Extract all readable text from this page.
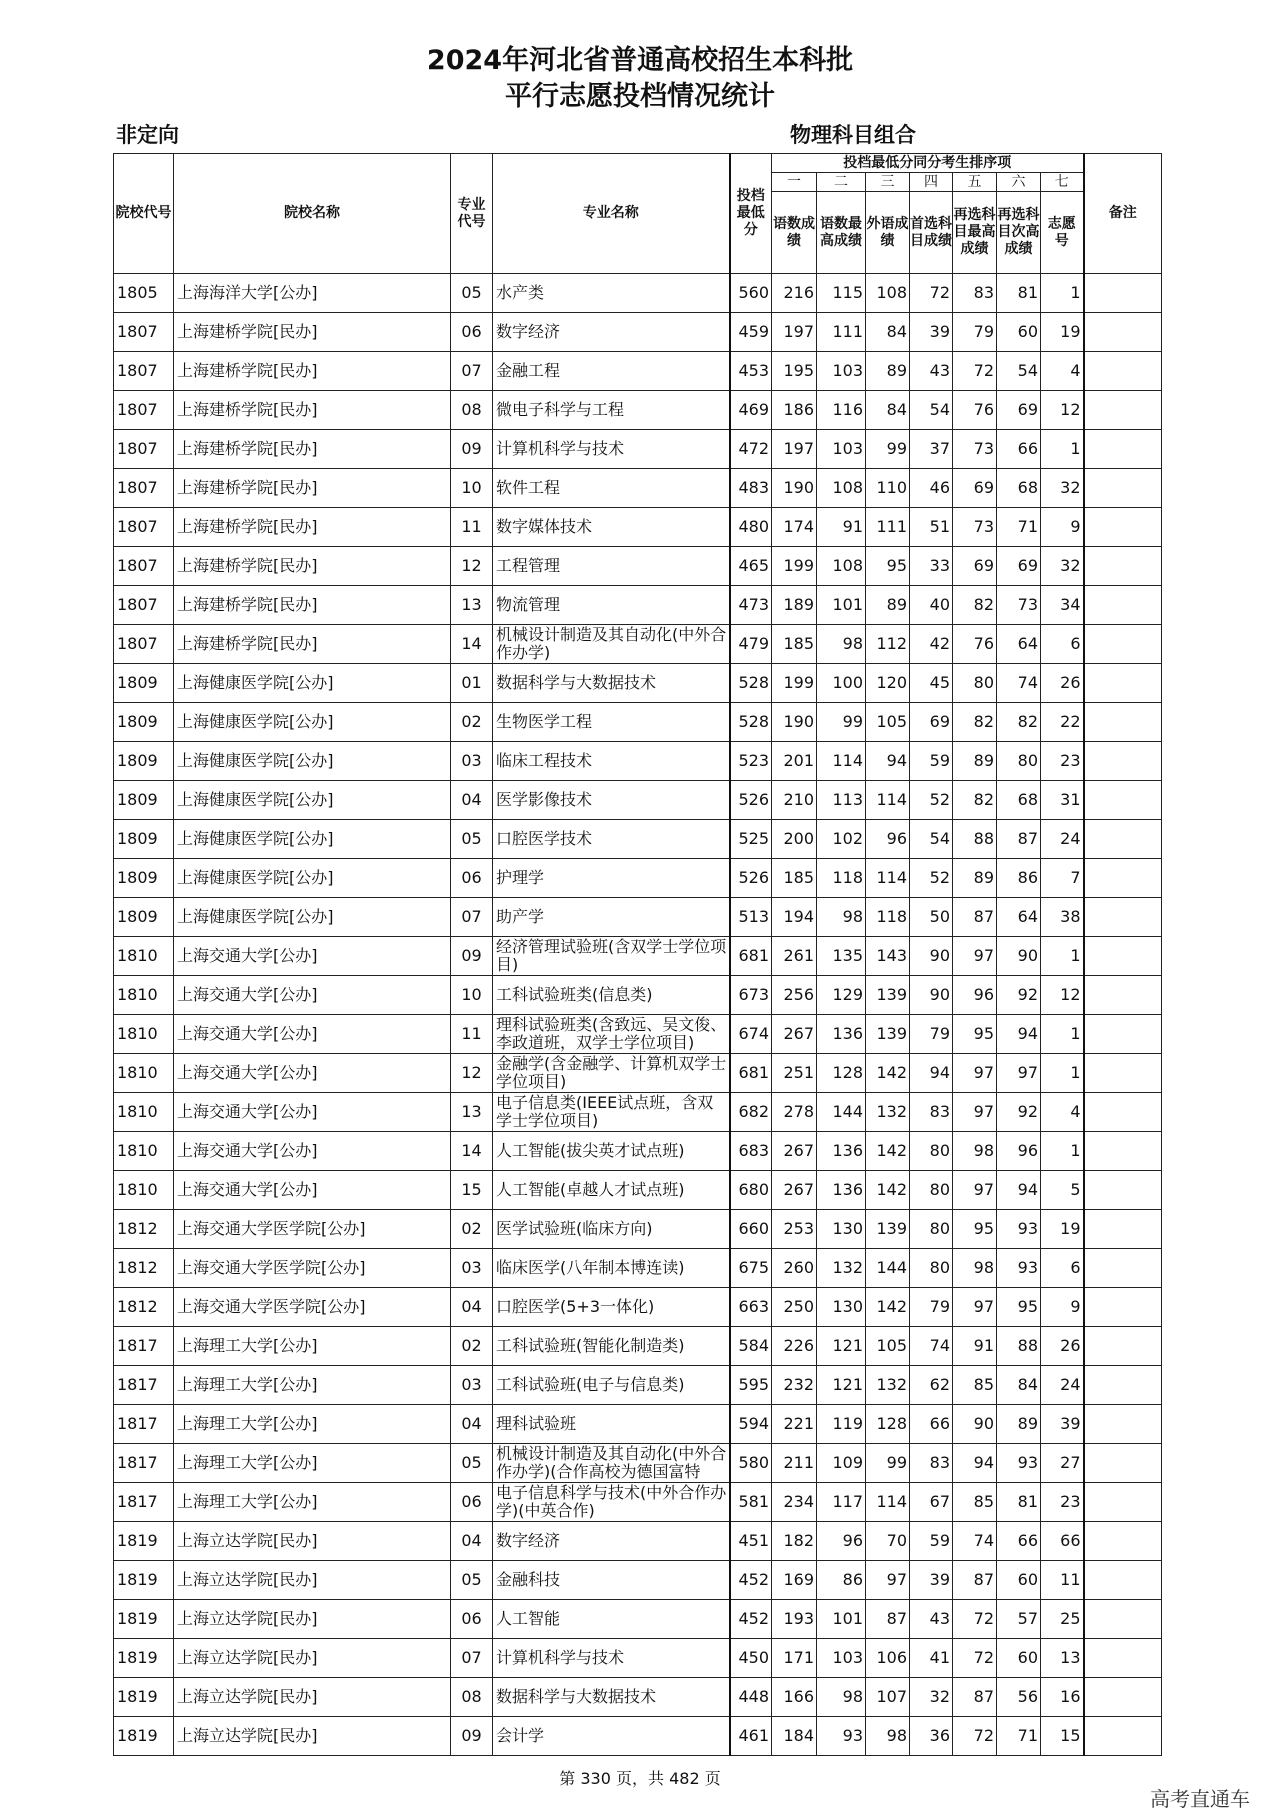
2024年河北省普通高校招生本科批
平行志愿投档情况统计
非定向	物理科目组合
院校代号	院校名称	专业代号	专业名称	投档最低分	投档最低分同分考生排序项							备注
					一	二	三	四	五	六	七	
					语数成绩	语数最高成绩	外语成绩	首选科目成绩	再选科目最高成绩	再选科目次高成绩	志愿号	
1805	上海海洋大学[公办]	05	水产类	560	216	115	108	72	83	81	1	
1807	上海建桥学院[民办]	06	数字经济	459	197	111	84	39	79	60	19	
1807	上海建桥学院[民办]	07	金融工程	453	195	103	89	43	72	54	4	
1807	上海建桥学院[民办]	08	微电子科学与工程	469	186	116	84	54	76	69	12	
1807	上海建桥学院[民办]	09	计算机科学与技术	472	197	103	99	37	73	66	1	
1807	上海建桥学院[民办]	10	软件工程	483	190	108	110	46	69	68	32	
1807	上海建桥学院[民办]	11	数字媒体技术	480	174	91	111	51	73	71	9	
1807	上海建桥学院[民办]	12	工程管理	465	199	108	95	33	69	69	32	
1807	上海建桥学院[民办]	13	物流管理	473	189	101	89	40	82	73	34	
1807	上海建桥学院[民办]	14	机械设计制造及其自动化(中外合作办学)	479	185	98	112	42	76	64	6	
1809	上海健康医学院[公办]	01	数据科学与大数据技术	528	199	100	120	45	80	74	26	
1809	上海健康医学院[公办]	02	生物医学工程	528	190	99	105	69	82	82	22	
1809	上海健康医学院[公办]	03	临床工程技术	523	201	114	94	59	89	80	23	
1809	上海健康医学院[公办]	04	医学影像技术	526	210	113	114	52	82	68	31	
1809	上海健康医学院[公办]	05	口腔医学技术	525	200	102	96	54	88	87	24	
1809	上海健康医学院[公办]	06	护理学	526	185	118	114	52	89	86	7	
1809	上海健康医学院[公办]	07	助产学	513	194	98	118	50	87	64	38	
1810	上海交通大学[公办]	09	经济管理试验班(含双学士学位项目)	681	261	135	143	90	97	90	1	
1810	上海交通大学[公办]	10	工科试验班类(信息类)	673	256	129	139	90	96	92	12	
1810	上海交通大学[公办]	11	理科试验班类(含致远、吴文俊、李政道班，双学士学位项目)	674	267	136	139	79	95	94	1	
1810	上海交通大学[公办]	12	金融学(含金融学、计算机双学士学位项目)	681	251	128	142	94	97	97	1	
1810	上海交通大学[公办]	13	电子信息类(IEEE试点班，含双学士学位项目)	682	278	144	132	83	97	92	4	
1810	上海交通大学[公办]	14	人工智能(拔尖英才试点班)	683	267	136	142	80	98	96	1	
1810	上海交通大学[公办]	15	人工智能(卓越人才试点班)	680	267	136	142	80	97	94	5	
1812	上海交通大学医学院[公办]	02	医学试验班(临床方向)	660	253	130	139	80	95	93	19	
1812	上海交通大学医学院[公办]	03	临床医学(八年制本博连读)	675	260	132	144	80	98	93	6	
1812	上海交通大学医学院[公办]	04	口腔医学(5+3一体化)	663	250	130	142	79	97	95	9	
1817	上海理工大学[公办]	02	工科试验班(智能化制造类)	584	226	121	105	74	91	88	26	
1817	上海理工大学[公办]	03	工科试验班(电子与信息类)	595	232	121	132	62	85	84	24	
1817	上海理工大学[公办]	04	理科试验班	594	221	119	128	66	90	89	39	
1817	上海理工大学[公办]	05	机械设计制造及其自动化(中外合作办学)(合作高校为德国富特	580	211	109	99	83	94	93	27	
1817	上海理工大学[公办]	06	电子信息科学与技术(中外合作办学)(中英合作)	581	234	117	114	67	85	81	23	
1819	上海立达学院[民办]	04	数字经济	451	182	96	70	59	74	66	66	
1819	上海立达学院[民办]	05	金融科技	452	169	86	97	39	87	60	11	
1819	上海立达学院[民办]	06	人工智能	452	193	101	87	43	72	57	25	
1819	上海立达学院[民办]	07	计算机科学与技术	450	171	103	106	41	72	60	13	
1819	上海立达学院[民办]	08	数据科学与大数据技术	448	166	98	107	32	87	56	16	
1819	上海立达学院[民办]	09	会计学	461	184	93	98	36	72	71	15	
第 330 页，共 482 页
高考直通车
